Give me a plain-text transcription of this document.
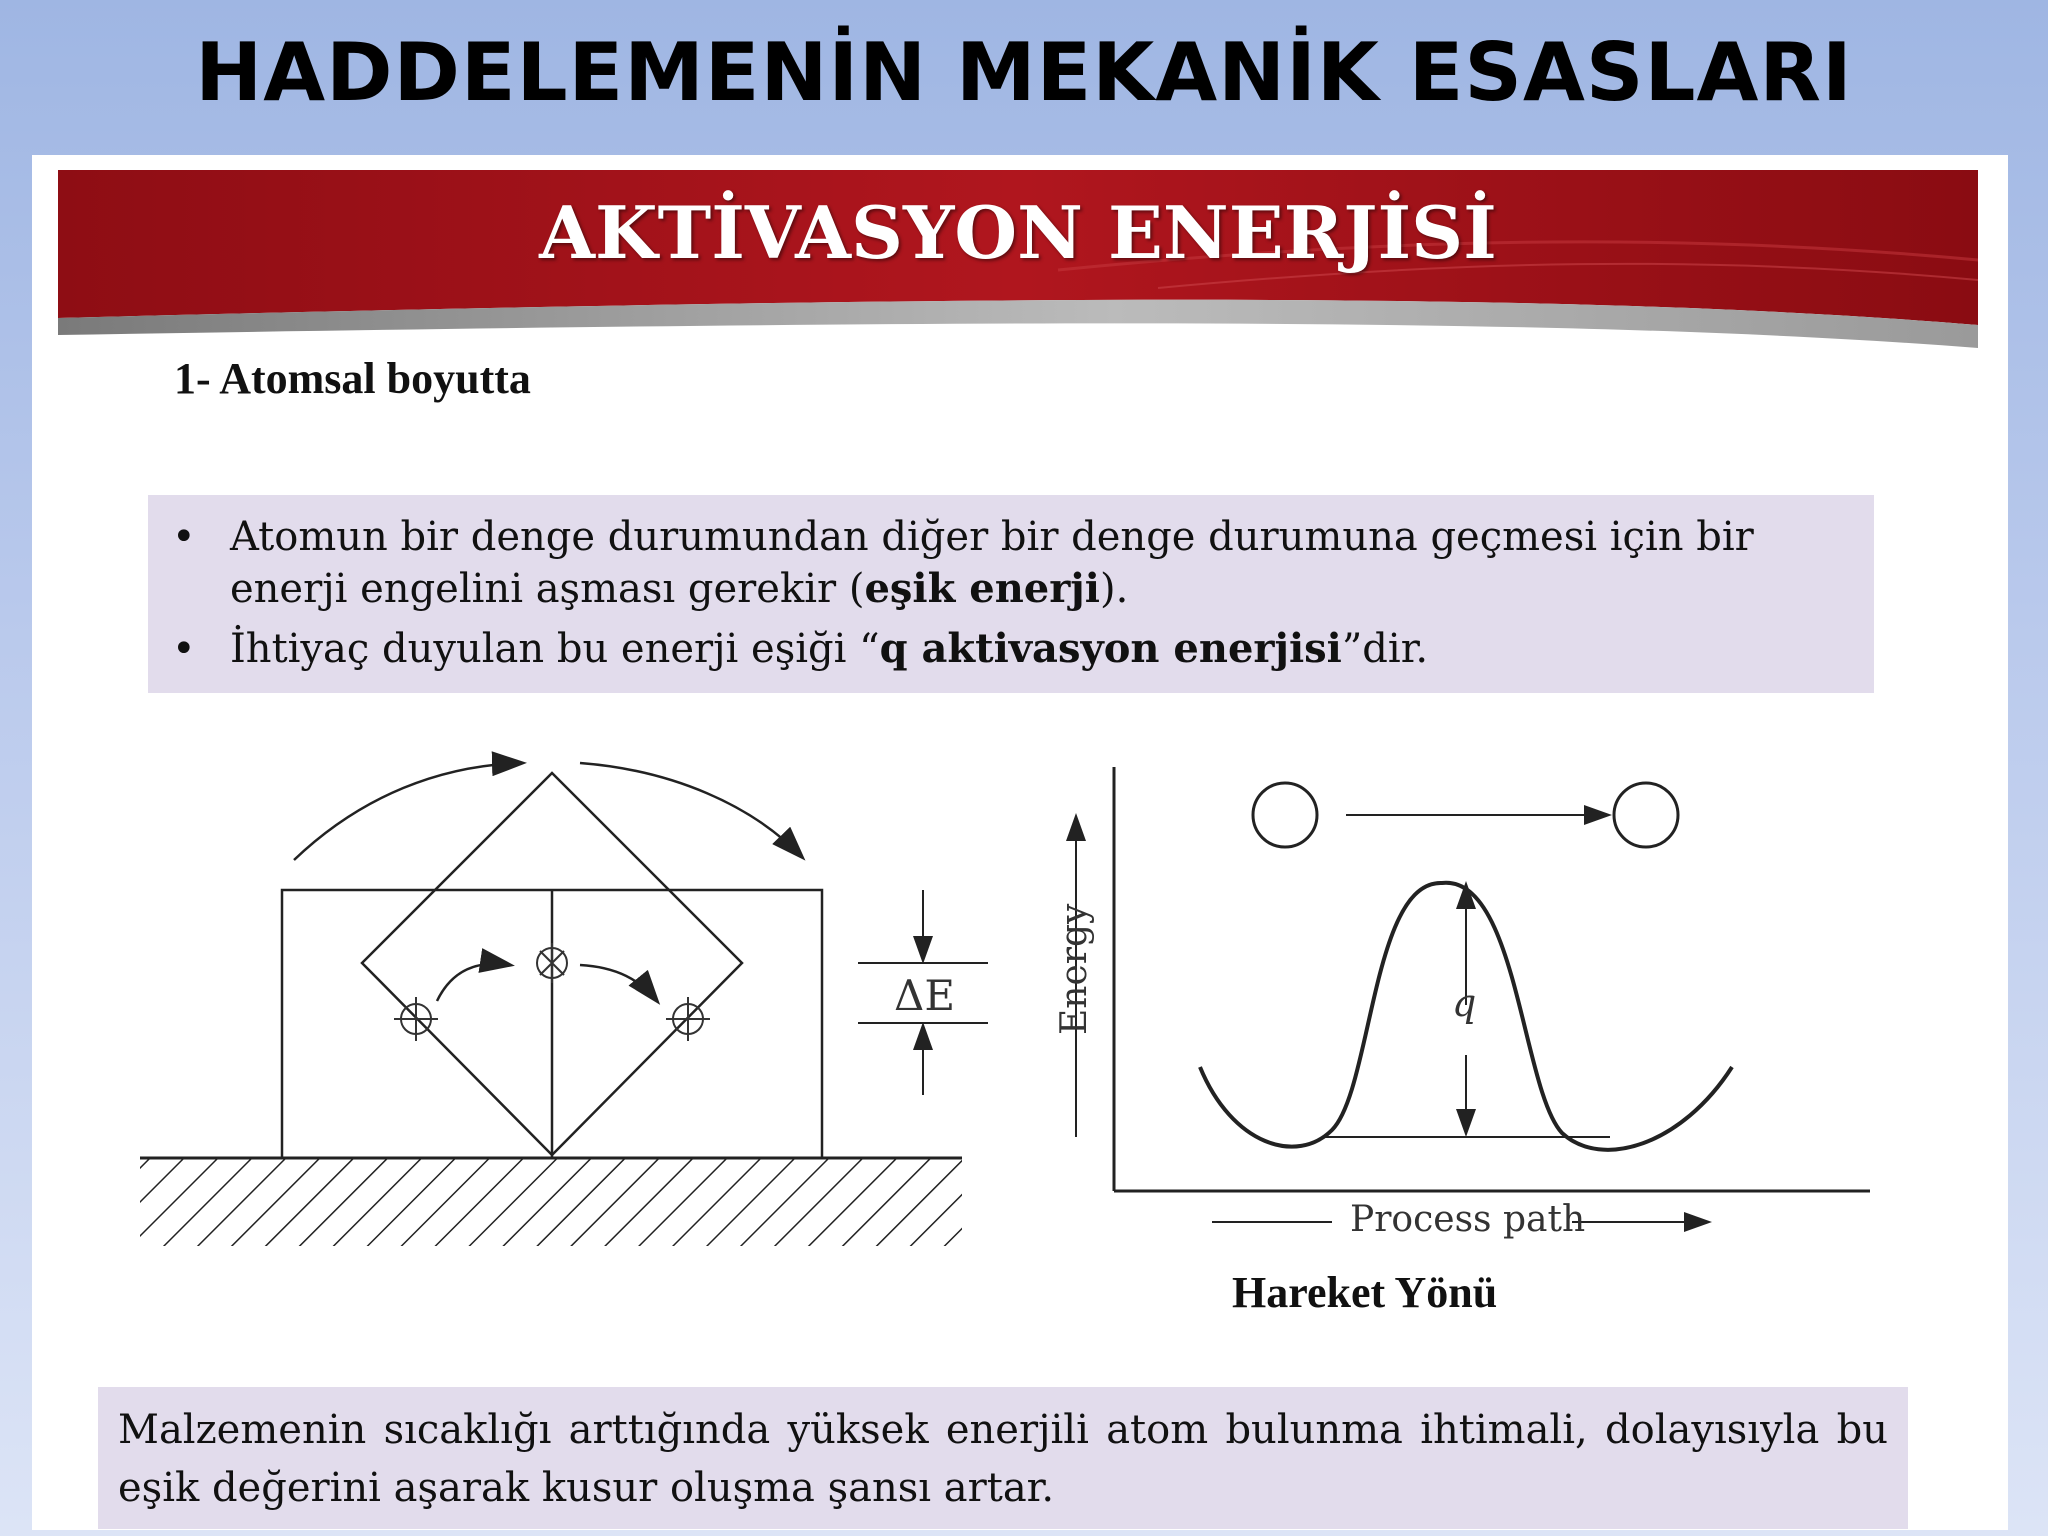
HADDELEMENİN MEKANİK ESASLARI
AKTİVASYON ENERJİSİ
1- Atomsal boyutta
• Atomun bir denge durumundan diğer bir denge durumuna geçmesi için bir
enerji engelini aşması gerekir (eşik enerji).
• İhtiyaç duyulan bu enerji eşiği “q aktivasyon enerjisi”dir.
ΔE	Energy
Process path
q
Hareket Yönü
Malzemenin sıcaklığı arttığında yüksek enerjili atom bulunma ihtimali, dolayısıyla bu eşik değerini aşarak kusur oluşma şansı artar.
